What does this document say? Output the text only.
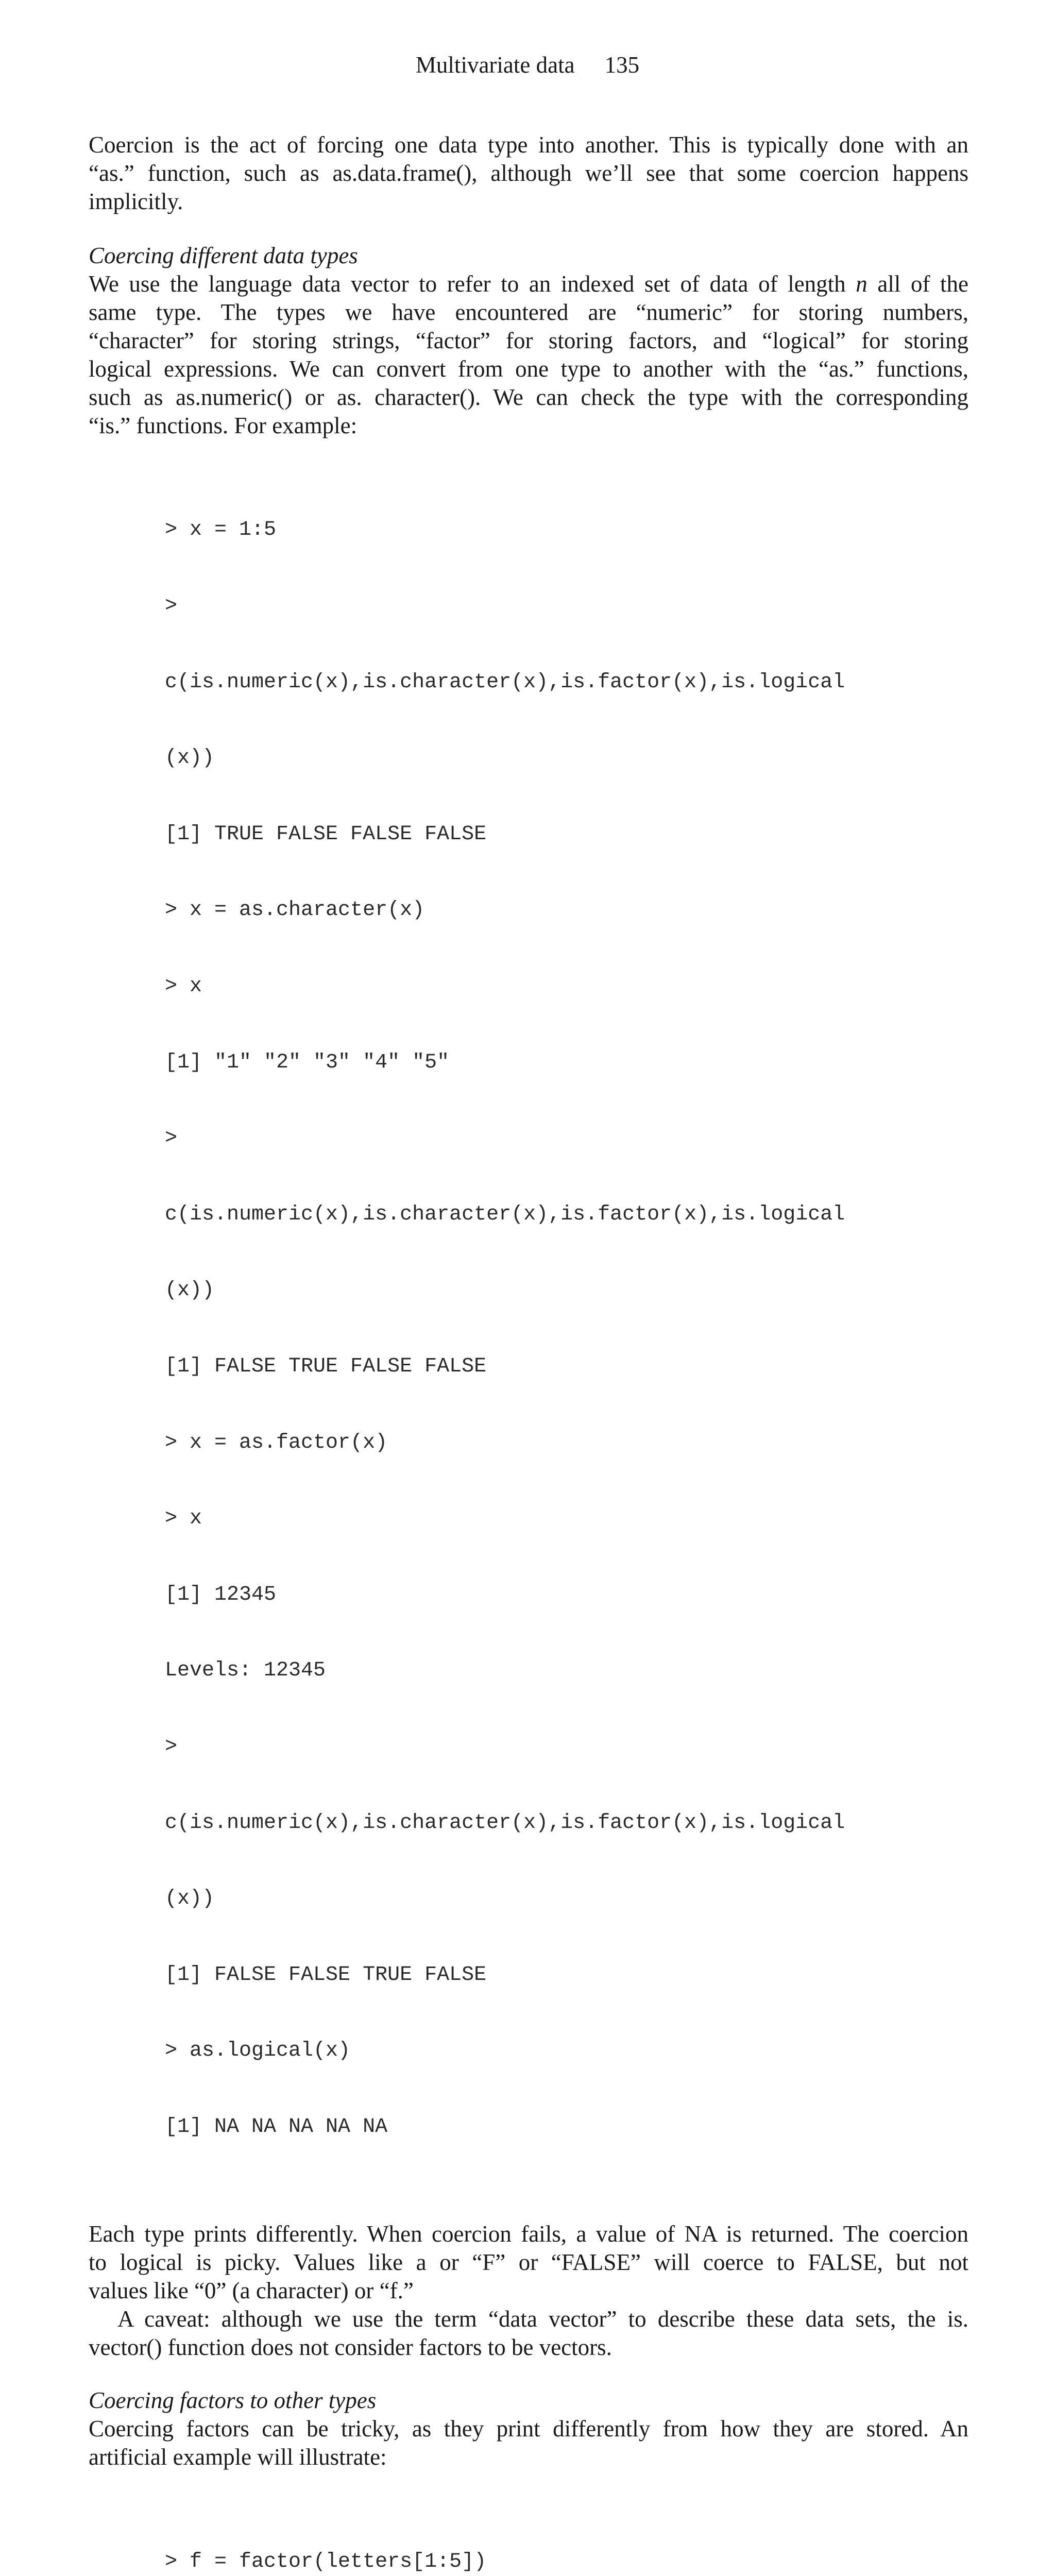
Multivariate data 135

Coercion is the act of forcing one data type into another. This is typically done with an
“as.” function, such as as.data.frame(), although we’ll see that some coercion happens
implicitly.

Coercing different data types

We use the language data vector to refer to an indexed set of data of length n all of the
same type. The types we have encountered are “numeric” for storing numbers,
“character” for storing strings, “factor” for storing factors, and “logical” for storing
logical expressions. We can convert from one type to another with the “as.” functions,
such as as.numeric() or as. character(). We can check the type with the corresponding
“is.” functions. For example:

> x = 1:5

>

c(is.numeric(x),is.character(x),is.factor(x),is.logical

(x))

[1] TRUE FALSE FALSE FALSE

> x = as.character(x)

> x

[1] "1" "2" "3" "4" "5"

>

c(is.numeric(x),is.character(x),is.factor(x),is.logical

(x))

[1] FALSE TRUE FALSE FALSE

> x = as.factor(x)

> x

[1] 12345

Levels: 12345

>

c(is.numeric(x),is.character(x),is.factor(x),is.logical

(x))

[1] FALSE FALSE TRUE FALSE

> as.logical(x)

[1] NA NA NA NA NA

Each type prints differently. When coercion fails, a value of NA is returned. The coercion
to logical is picky. Values like a or “F” or “FALSE” will coerce to FALSE, but not
values like “0” (a character) or “f.”

A caveat: although we use the term “data vector” to describe these data sets, the is.
vector() function does not consider factors to be vectors.

Coercing factors to other types

Coercing factors can be tricky, as they print differently from how they are stored. An
artificial example will illustrate:

> f = factor(letters[1:5])
